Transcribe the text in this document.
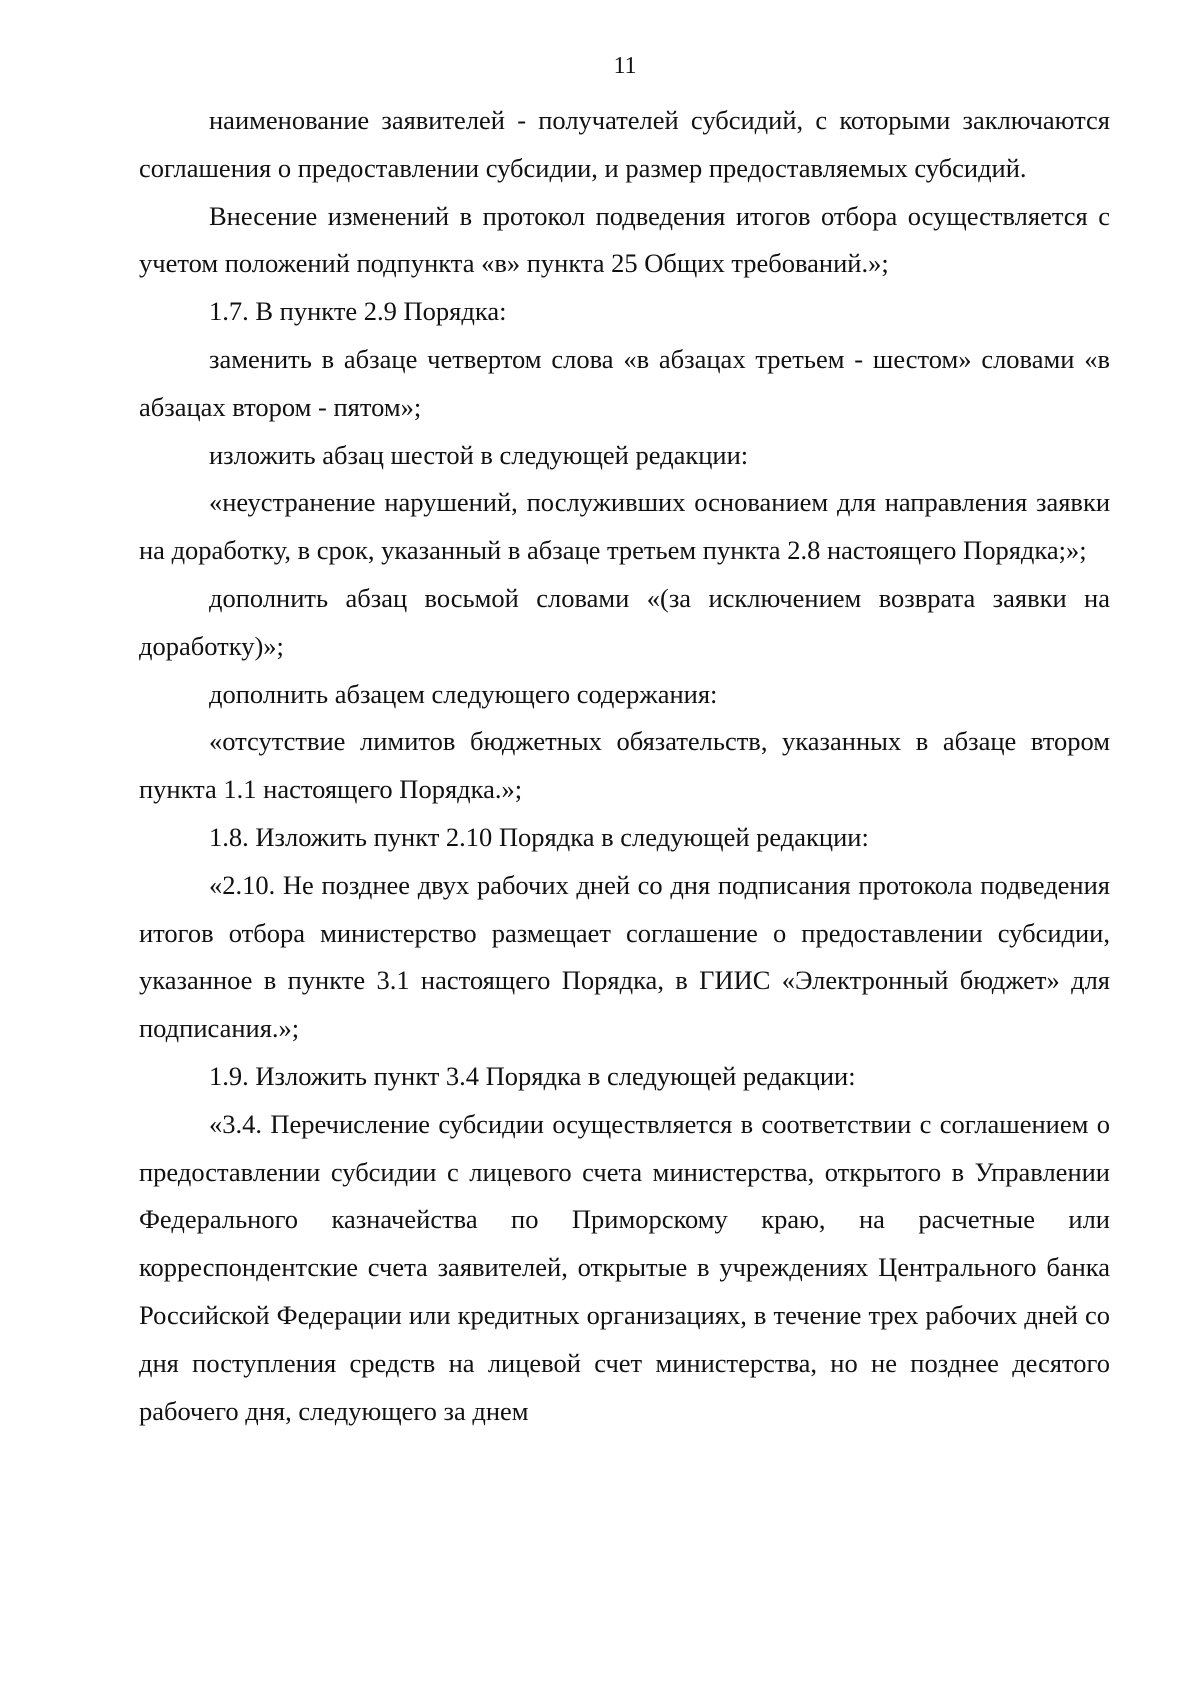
11

наименование заявителей - получателей субсидий, с которыми заключаются соглашения о предоставлении субсидии, и размер предоставляемых субсидий.

Внесение изменений в протокол подведения итогов отбора осуществляется с учетом положений подпункта «в» пункта 25 Общих требований.»;

1.7. В пункте 2.9 Порядка:

заменить в абзаце четвертом слова «в абзацах третьем - шестом» словами «в абзацах втором - пятом»;

изложить абзац шестой в следующей редакции:

«неустранение нарушений, послуживших основанием для направления заявки на доработку, в срок, указанный в абзаце третьем пункта 2.8 настоящего Порядка;»;

дополнить абзац восьмой словами «(за исключением возврата заявки на доработку)»;

дополнить абзацем следующего содержания:

«отсутствие лимитов бюджетных обязательств, указанных в абзаце втором пункта 1.1 настоящего Порядка.»;

1.8. Изложить пункт 2.10 Порядка в следующей редакции:

«2.10. Не позднее двух рабочих дней со дня подписания протокола подведения итогов отбора министерство размещает соглашение о предоставлении субсидии, указанное в пункте 3.1 настоящего Порядка, в ГИИС «Электронный бюджет» для подписания.»;

1.9. Изложить пункт 3.4 Порядка в следующей редакции:

«3.4. Перечисление субсидии осуществляется в соответствии с соглашением о предоставлении субсидии с лицевого счета министерства, открытого в Управлении Федерального казначейства по Приморскому краю, на расчетные или корреспондентские счета заявителей, открытые в учреждениях Центрального банка Российской Федерации или кредитных организациях, в течение трех рабочих дней со дня поступления средств на лицевой счет министерства, но не позднее десятого рабочего дня, следующего за днем
